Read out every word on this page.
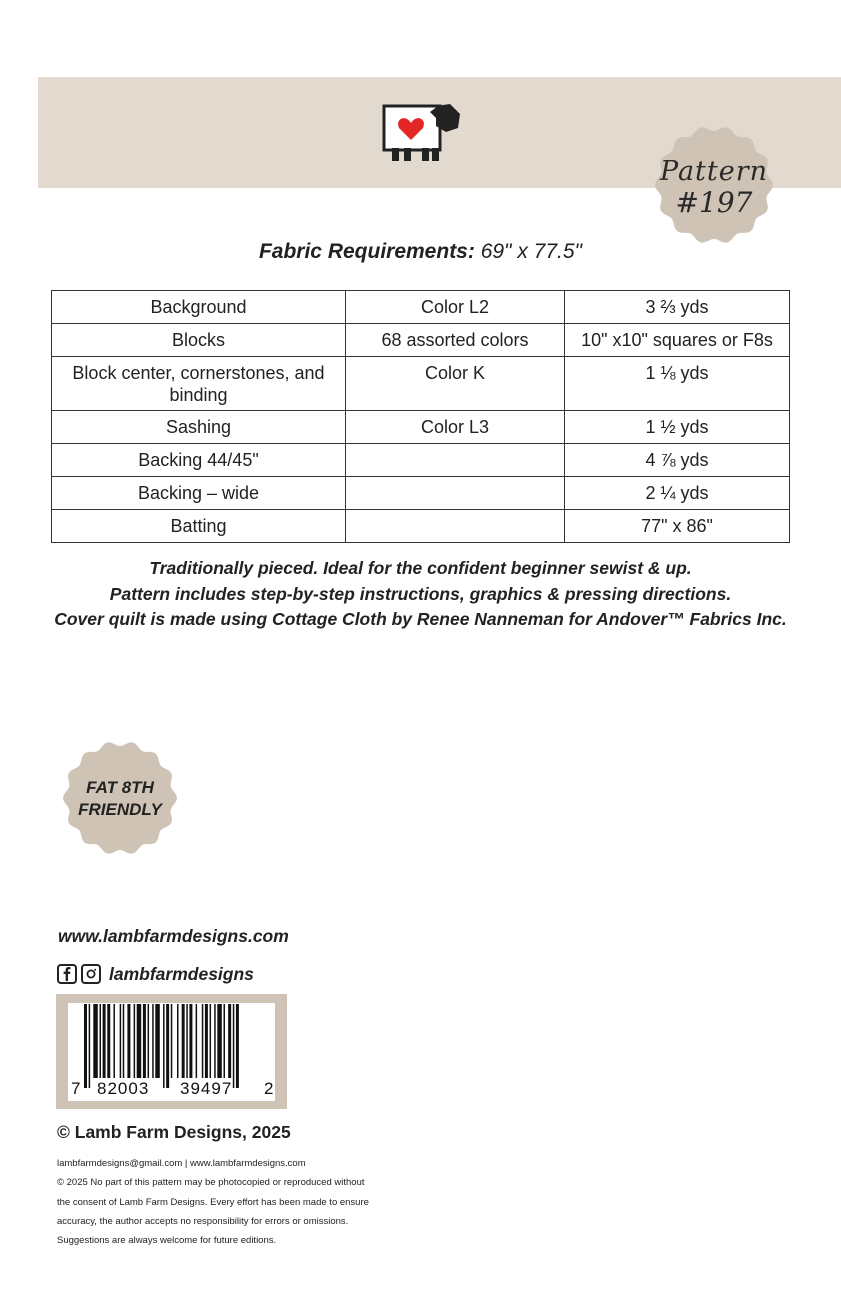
Pattern
#197
Fabric Requirements: 69" x 77.5"
Background	Color L2	3 ⅔ yds
Blocks	68 assorted colors	10" x10" squares or F8s
Block center, cornerstones, and binding	Color K	1 ⅛ yds
Sashing	Color L3	1 ½ yds
Backing 44/45"		4 ⅞ yds
Backing – wide		2 ¼ yds
Batting		77" x 86"
Traditionally pieced. Ideal for the confident beginner sewist & up.
Pattern includes step-by-step instructions, graphics & pressing directions.
Cover quilt is made using Cottage Cloth by Renee Nanneman for Andover™ Fabrics Inc.
FAT 8TH
FRIENDLY
www.lambfarmdesigns.com
lambfarmdesigns
7 82003 39497 2
© Lamb Farm Designs, 2025
lambfarmdesigns@gmail.com | www.lambfarmdesigns.com
© 2025 No part of this pattern may be photocopied or reproduced without
the consent of Lamb Farm Designs. Every effort has been made to ensure
accuracy, the author accepts no responsibility for errors or omissions.
Suggestions are always welcome for future editions.
